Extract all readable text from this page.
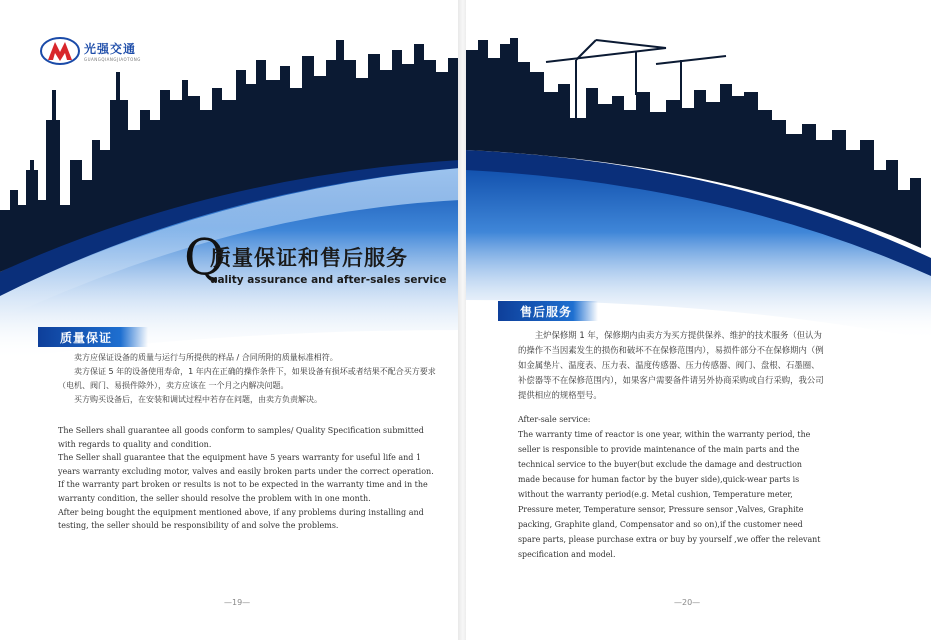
光强交通
GUANGQIANGJIAOTONG
Q
质量保证和售后服务
uality assurance and after-sales service
质量保证

卖方应保证设备的质量与运行与所提供的样品 / 合同所附的质量标准相符。

卖方保证 5 年的设备使用寿命，1 年内在正确的操作条件下，如果设备有损坏或者结果不配合买方要求（电机、阀门、易损件除外），卖方应该在 一个月之内解决问题。

买方购买设备后，在安装和调试过程中若存在问题，由卖方负责解决。

The Sellers shall guarantee all goods conform to samples/ Quality Specification submitted with regards to quality and condition.

The Seller shall guarantee that the equipment have 5 years warranty for useful life and 1 years warranty excluding motor, valves and easily broken parts under the correct operation. If the warranty part broken or results is not to be expected in the warranty time and in the warranty condition, the seller should resolve the problem with in one month.

After being bought the equipment mentioned above, if any problems during installing and testing, the seller should be responsibility of and solve the problems.

—19—
售后服务

主炉保修期 1 年，保修期内由卖方为买方提供保养、维护的技术服务（但认为的操作不当因素发生的损伤和破坏不在保修范围内），易损件部分不在保修期内（例如金属垫片、温度表、压力表、温度传感器、压力传感器、阀门、盘根、石墨圈、补偿器等不在保修范围内），如果客户需要备件请另外协商采购或自行采购，我公司提供相应的规格型号。

After-sale service:

The warranty time of reactor is one year, within the warranty period, the seller is responsible to provide maintenance of the main parts and the technical service to the buyer(but exclude the damage and destruction made because for human factor by the buyer side),quick-wear parts is without the warranty period(e.g. Metal cushion, Temperature meter, Pressure meter, Temperature sensor, Pressure sensor ,Valves, Graphite packing, Graphite gland, Compensator and so on),if the customer need spare parts, please purchase extra or buy by yourself ,we offer the relevant specification and model.

—20—
